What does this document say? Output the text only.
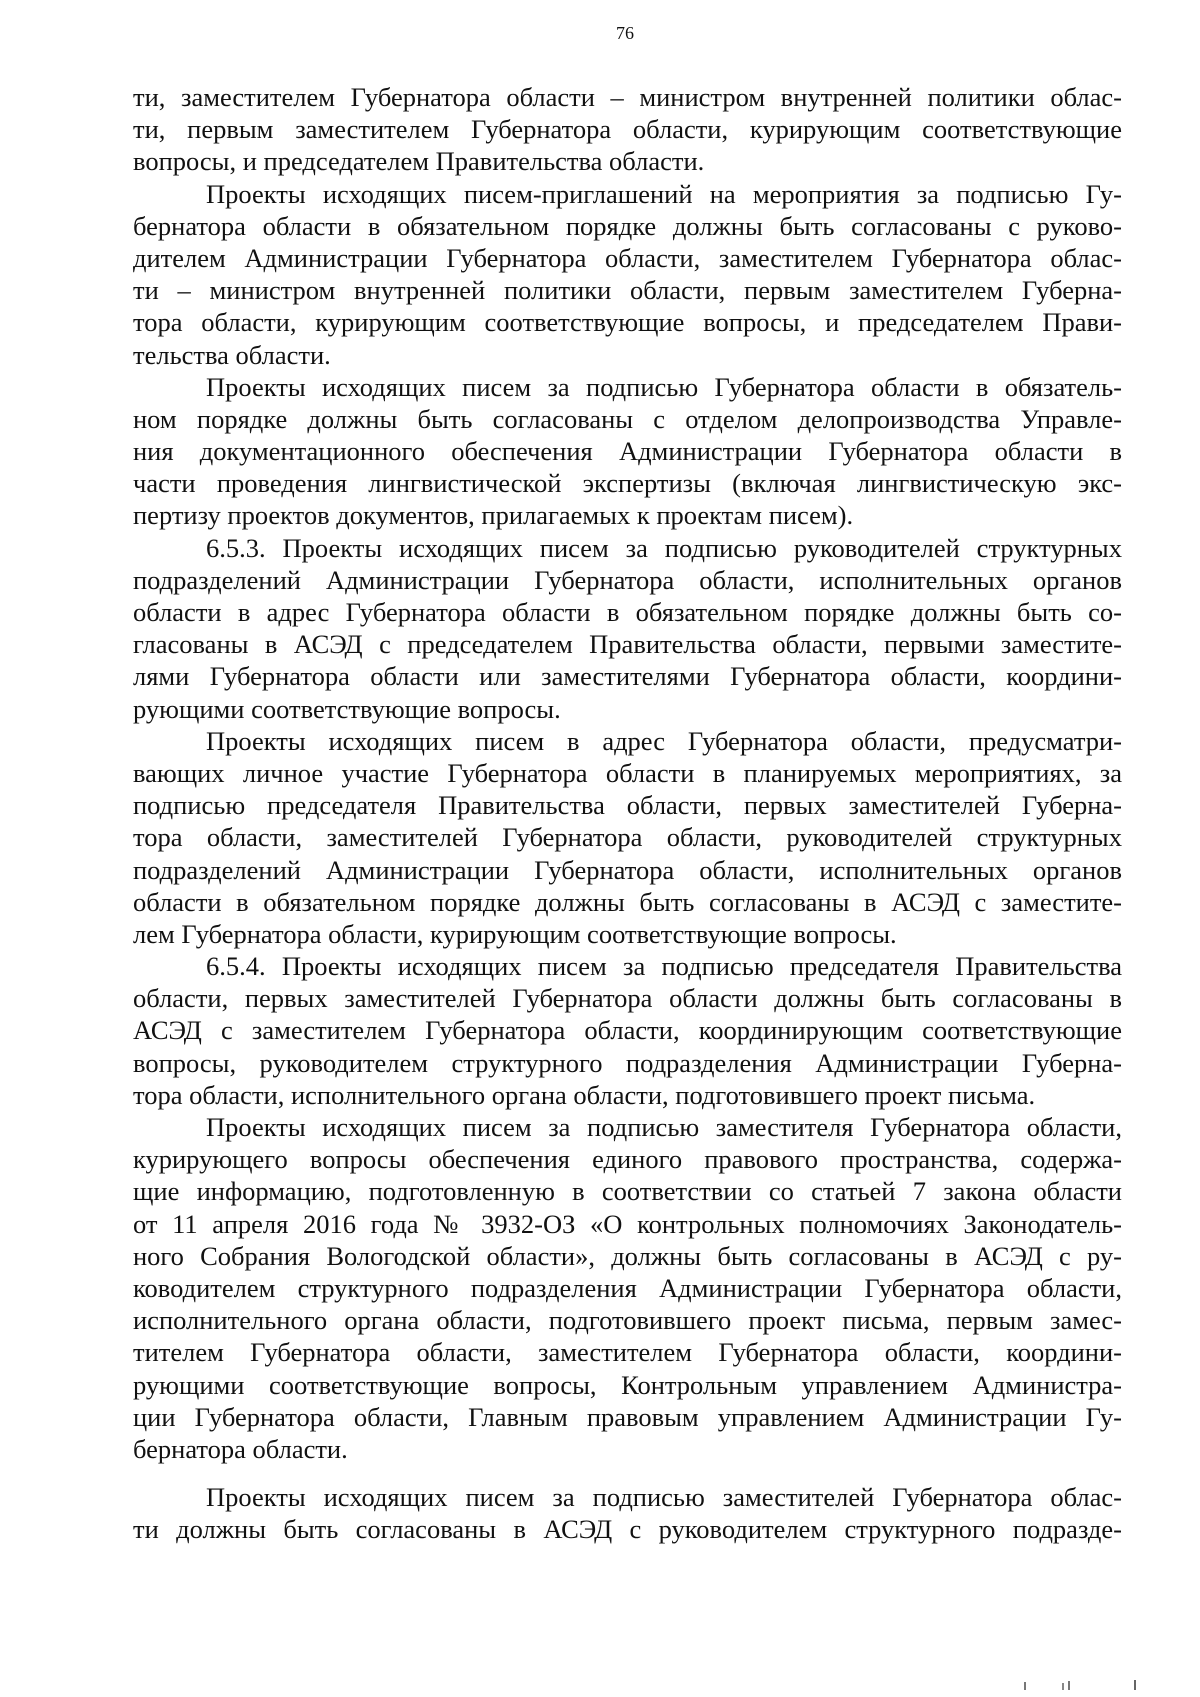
76
ти, заместителем Губернатора области – министром внутренней политики облас-
ти, первым заместителем Губернатора области, курирующим соответствующие
вопросы, и председателем Правительства области.
Проекты исходящих писем-приглашений на мероприятия за подписью Гу-
бернатора области в обязательном порядке должны быть согласованы с руково-
дителем Администрации Губернатора области, заместителем Губернатора облас-
ти – министром внутренней политики области, первым заместителем Губерна-
тора области, курирующим соответствующие вопросы, и председателем Прави-
тельства области.
Проекты исходящих писем за подписью Губернатора области в обязатель-
ном порядке должны быть согласованы с отделом делопроизводства Управле-
ния документационного обеспечения Администрации Губернатора области в
части проведения лингвистической экспертизы (включая лингвистическую экс-
пертизу проектов документов, прилагаемых к проектам писем).
6.5.3. Проекты исходящих писем за подписью руководителей структурных
подразделений Администрации Губернатора области, исполнительных органов
области в адрес Губернатора области в обязательном порядке должны быть со-
гласованы в АСЭД с председателем Правительства области, первыми заместите-
лями Губернатора области или заместителями Губернатора области, координи-
рующими соответствующие вопросы.
Проекты исходящих писем в адрес Губернатора области, предусматри-
вающих личное участие Губернатора области в планируемых мероприятиях, за
подписью председателя Правительства области, первых заместителей Губерна-
тора области, заместителей Губернатора области, руководителей структурных
подразделений Администрации Губернатора области, исполнительных органов
области в обязательном порядке должны быть согласованы в АСЭД с заместите-
лем Губернатора области, курирующим соответствующие вопросы.
6.5.4. Проекты исходящих писем за подписью председателя Правительства
области, первых заместителей Губернатора области должны быть согласованы в
АСЭД с заместителем Губернатора области, координирующим соответствующие
вопросы, руководителем структурного подразделения Администрации Губерна-
тора области, исполнительного органа области, подготовившего проект письма.
Проекты исходящих писем за подписью заместителя Губернатора области,
курирующего вопросы обеспечения единого правового пространства, содержа-
щие информацию, подготовленную в соответствии со статьей 7 закона области
от 11 апреля 2016 года № 3932-ОЗ «О контрольных полномочиях Законодатель-
ного Собрания Вологодской области», должны быть согласованы в АСЭД с ру-
ководителем структурного подразделения Администрации Губернатора области,
исполнительного органа области, подготовившего проект письма, первым замес-
тителем Губернатора области, заместителем Губернатора области, координи-
рующими соответствующие вопросы, Контрольным управлением Администра-
ции Губернатора области, Главным правовым управлением Администрации Гу-
бернатора области.
Проекты исходящих писем за подписью заместителей Губернатора облас-
ти должны быть согласованы в АСЭД с руководителем структурного подразде-
